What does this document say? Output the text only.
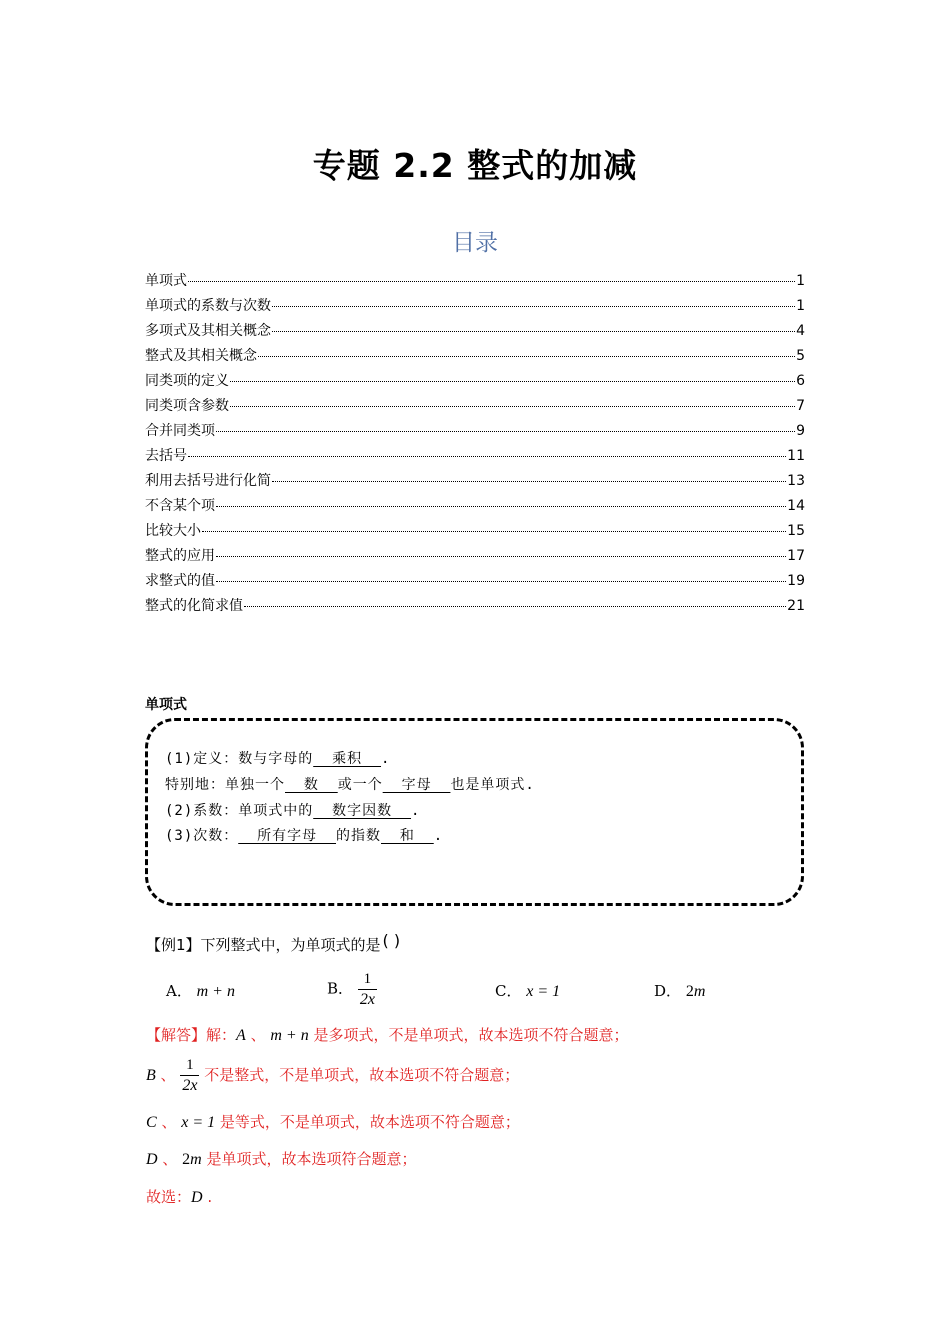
专题 2.2 整式的加减
目录
单项式	1
单项式的系数与次数	1
多项式及其相关概念	4
整式及其相关概念	5
同类项的定义	6
同类项含参数	7
合并同类项	9
去括号	11
利用去括号进行化简	13
不含某个项	14
比较大小	15
整式的应用	17
求整式的值	19
整式的化简求值	21
单项式
(1)定义：数与字母的__乘积__.
特别地：单独一个__数__或一个__字母__也是单项式.
(2)系数：单项式中的__数字因数__.
(3)次数：__所有字母__的指数__和__.
【例1】下列整式中，为单项式的是 ( )
A． m + n	B． $\frac{1}{2x}$	C． x = 1	D． 2m
【解答】解：A 、 m + n 是多项式，不是单项式，故本选项不符合题意；
B 、 $\frac{1}{2x}$ 不是整式，不是单项式，故本选项不符合题意；
C 、 x = 1 是等式，不是单项式，故本选项不符合题意；
D 、 2m 是单项式，故本选项符合题意；
故选：D .
